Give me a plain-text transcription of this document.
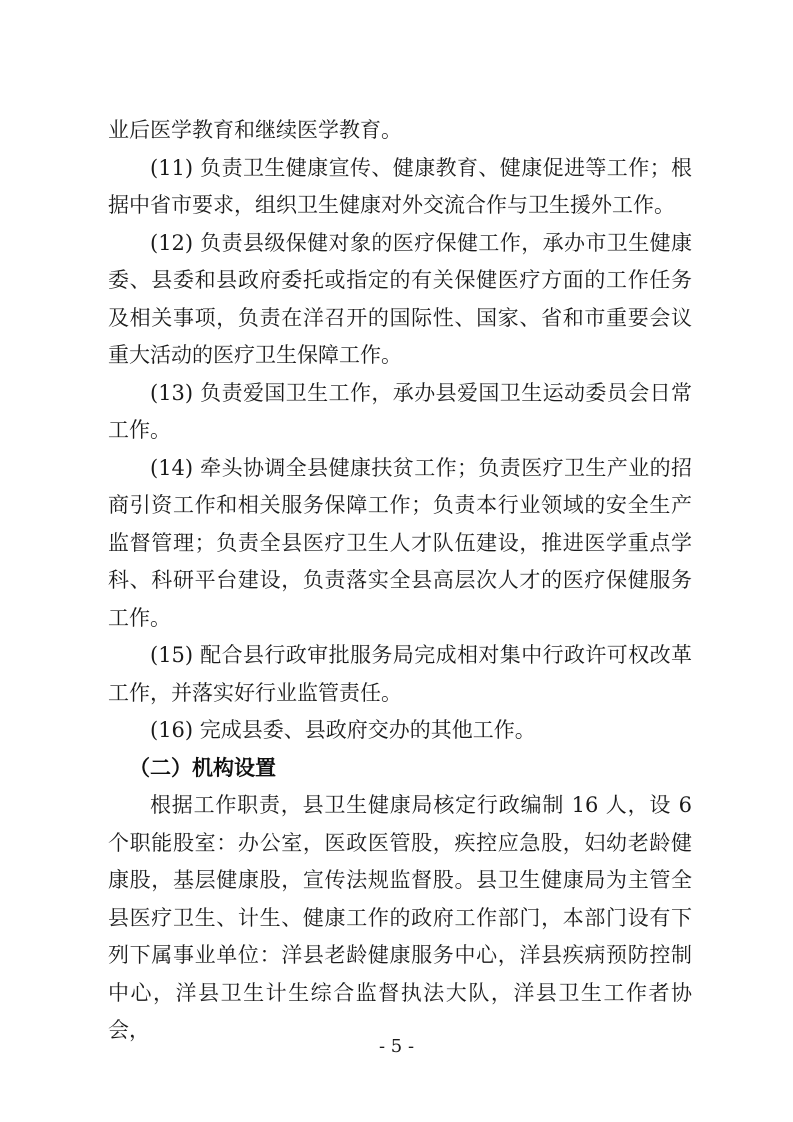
业后医学教育和继续医学教育。

(11) 负责卫生健康宣传、健康教育、健康促进等工作；根据中省市要求，组织卫生健康对外交流合作与卫生援外工作。

(12) 负责县级保健对象的医疗保健工作，承办市卫生健康委、县委和县政府委托或指定的有关保健医疗方面的工作任务及相关事项，负责在洋召开的国际性、国家、省和市重要会议重大活动的医疗卫生保障工作。

(13) 负责爱国卫生工作，承办县爱国卫生运动委员会日常工作。

(14) 牵头协调全县健康扶贫工作；负责医疗卫生产业的招商引资工作和相关服务保障工作；负责本行业领域的安全生产监督管理；负责全县医疗卫生人才队伍建设，推进医学重点学科、科研平台建设，负责落实全县高层次人才的医疗保健服务工作。

(15) 配合县行政审批服务局完成相对集中行政许可权改革工作，并落实好行业监管责任。

(16) 完成县委、县政府交办的其他工作。

（二）机构设置

根据工作职责，县卫生健康局核定行政编制 16 人，设 6 个职能股室：办公室，医政医管股，疾控应急股，妇幼老龄健康股，基层健康股，宣传法规监督股。县卫生健康局为主管全县医疗卫生、计生、健康工作的政府工作部门，本部门设有下列下属事业单位：洋县老龄健康服务中心，洋县疾病预防控制中心，洋县卫生计生综合监督执法大队，洋县卫生工作者协会，

- 5 -
